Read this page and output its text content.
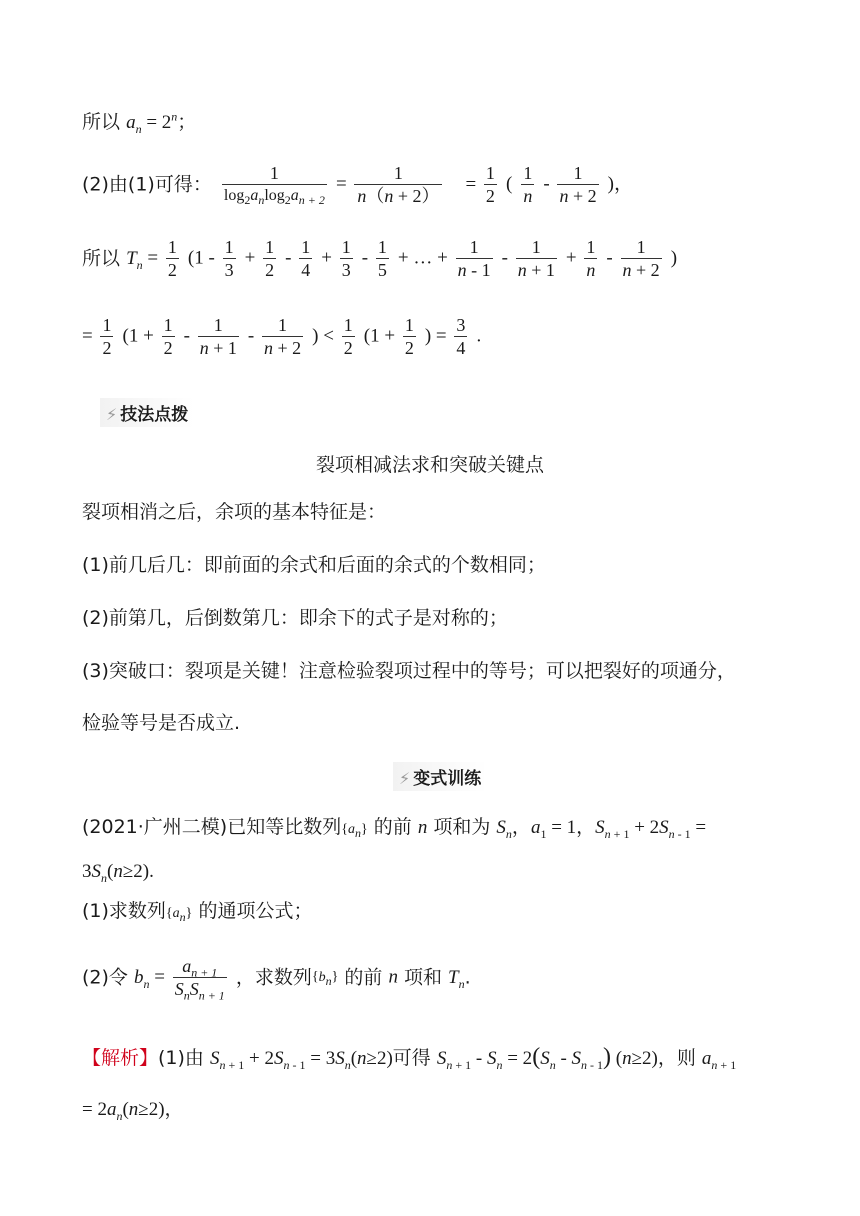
所以 $a_n = 2^n$；
(2)由(1)可得： $\frac{1}{\log_2a_n\log_2a_{n + 2}} = \frac{1}{n(n + 2)} = \frac{1}{2}$ ( $\frac{1}{n} - \frac{1}{n + 2}$ )，
所以 $T_n = \frac{1}{2} (1 - \frac{1}{3} + \frac{1}{2} - \frac{1}{4} + \frac{1}{3} - \frac{1}{5}$ + … + $\frac{1}{n - 1} - \frac{1}{n + 1} + \frac{1}{n} - \frac{1}{n + 2}$ )
= $\frac{1}{2} (1 + \frac{1}{2} - \frac{1}{n + 1} - \frac{1}{n + 2}$ ) < $\frac{1}{2} (1 + \frac{1}{2}$ ) = $\frac{3}{4}$ .
⚡ 技法点拨
裂项相减法求和突破关键点
裂项相消之后，余项的基本特征是：
(1)前几后几：即前面的余式和后面的余式的个数相同；
(2)前第几，后倒数第几：即余下的式子是对称的；
(3)突破口：裂项是关键！注意检验裂项过程中的等号；可以把裂好的项通分，
检验等号是否成立.
⚡ 变式训练
(2021·广州二模)已知等比数列$\{a_n\}$ 的前 n 项和为 $S_n$，$a_1 = 1$，$S_{n + 1} + 2S_{n - 1}$ =
$3S_n(n\ge 2)$.
(1)求数列$\{a_n\}$ 的通项公式；
(2)令 $b_n = \frac{a_{n + 1}}{S_nS_{n + 1}}$ ，求数列$\{b_n\}$ 的前 n 项和 $T_n$.
【解析】(1)由 $S_{n + 1} + 2S_{n - 1} = 3S_n(n\ge 2)$可得 $S_{n + 1} - S_n = 2(S_n - S_{n - 1})$ (n≥2)，则 $a_{n + 1}$
= $2a_n(n\ge 2)$，
